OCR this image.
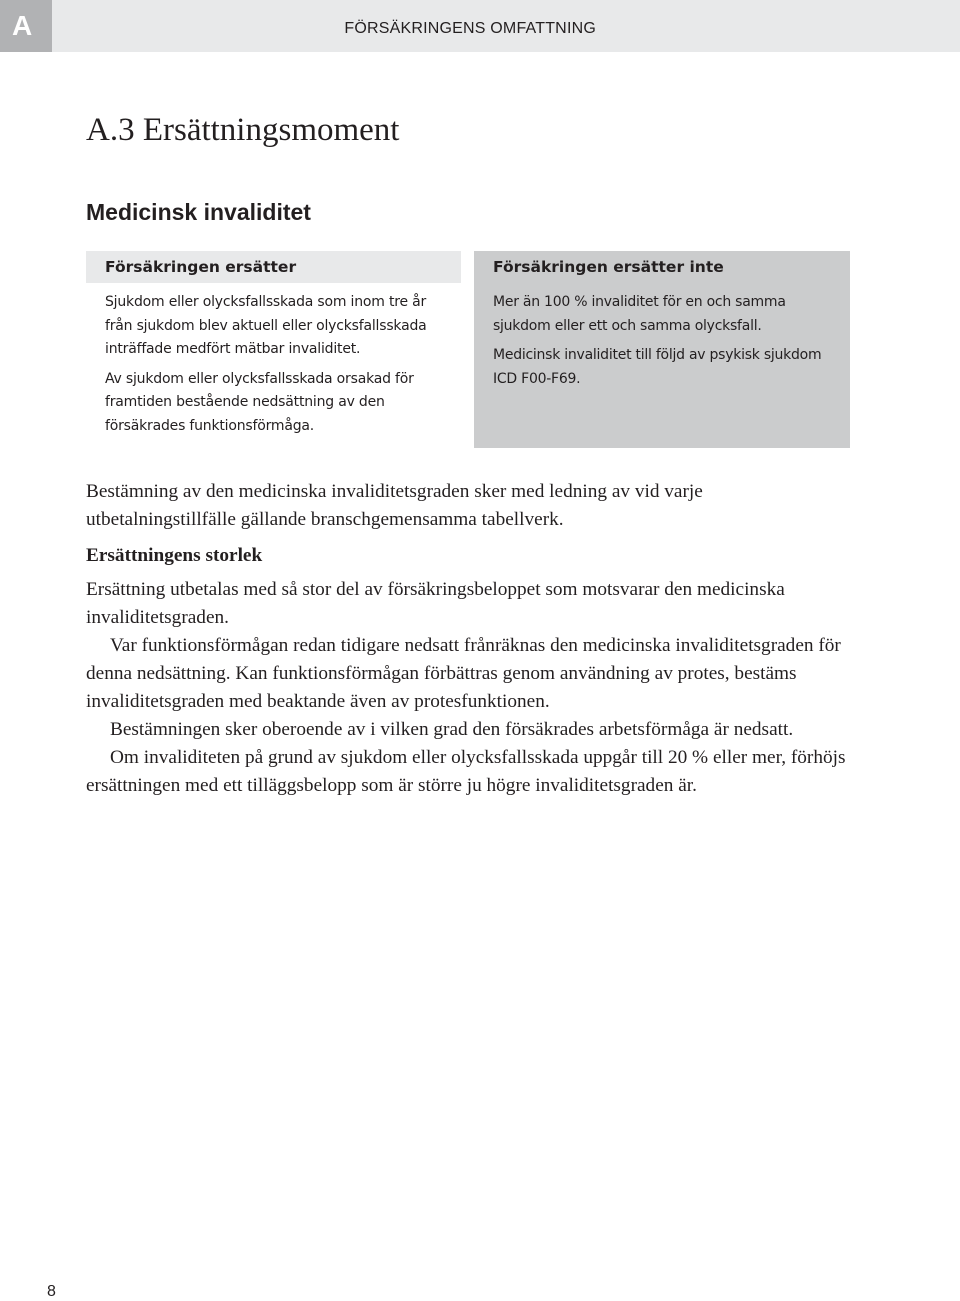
A	FÖRSÄKRINGENS OMFATTNING
A.3 Ersättningsmoment
Medicinsk invaliditet
Försäkringen ersätter

Sjukdom eller olycksfallsskada som inom tre år från sjukdom blev aktuell eller olycksfallsskada inträffade medfört mätbar invaliditet.

Av sjukdom eller olycksfallsskada orsakad för framtiden bestående nedsättning av den försäkrades funktionsförmåga.

Försäkringen ersätter inte

Mer än 100 % invaliditet för en och samma sjukdom eller ett och samma olycksfall.

Medicinsk invaliditet till följd av psykisk sjukdom ICD F00-F69.

Bestämning av den medicinska invaliditetsgraden sker med ledning av vid varje utbetalningstillfälle gällande branschgemensamma tabellverk.

Ersättningens storlek

Ersättning utbetalas med så stor del av försäkringsbeloppet som motsvarar den medicinska invaliditetsgraden.

Var funktionsförmågan redan tidigare nedsatt frånräknas den medicinska invaliditetsgraden för denna nedsättning. Kan funktionsförmågan förbättras genom användning av protes, bestäms invaliditetsgraden med beaktande även av protesfunktionen.

Bestämningen sker oberoende av i vilken grad den försäkrades arbetsförmåga är nedsatt.

Om invaliditeten på grund av sjukdom eller olycksfallsskada uppgår till 20 % eller mer, förhöjs ersättningen med ett tilläggsbelopp som är större ju högre invaliditetsgraden är.

8
